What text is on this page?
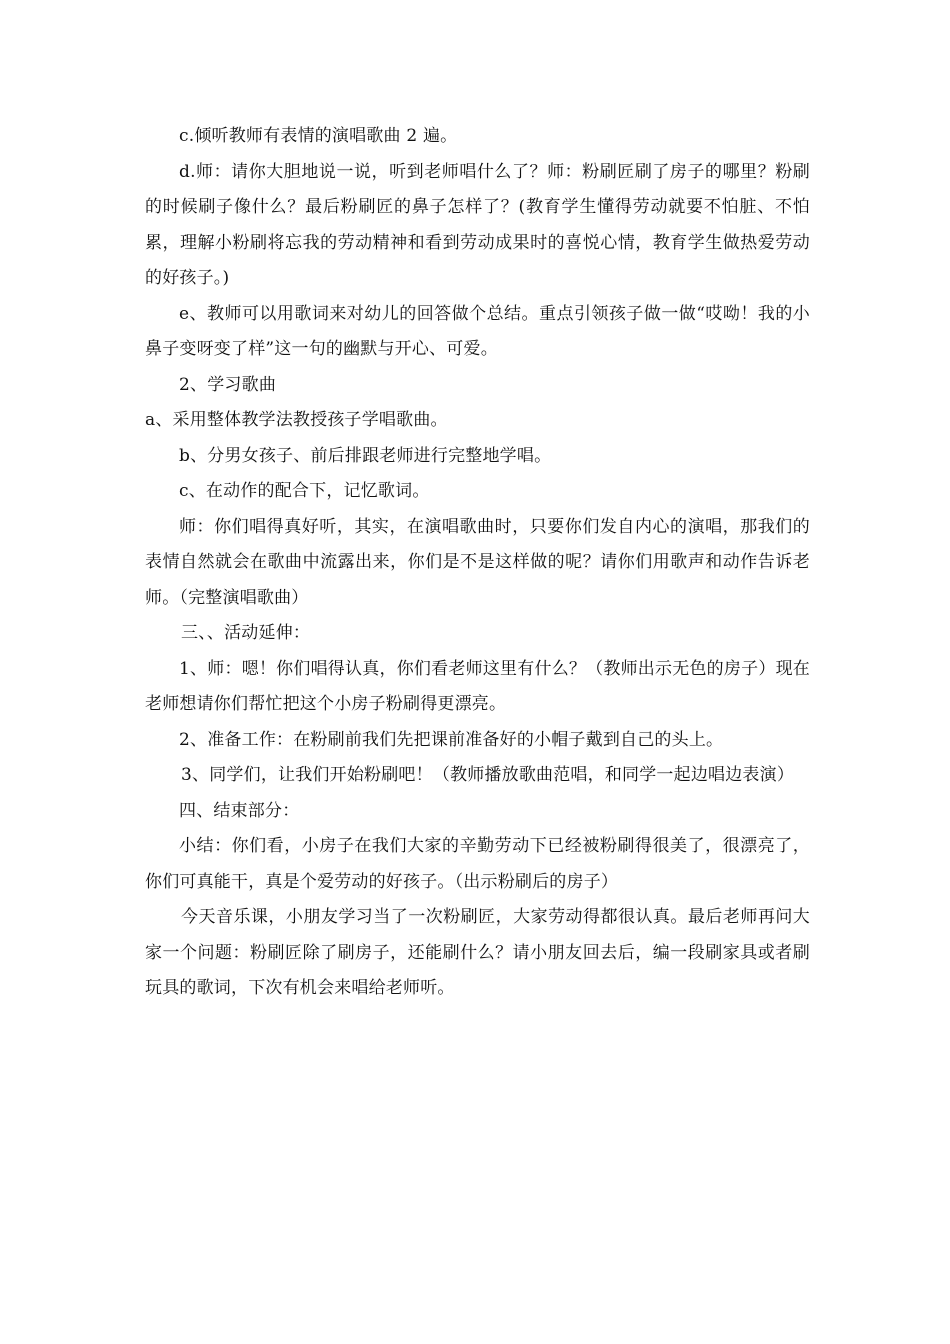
c.倾听教师有表情的演唱歌曲 2 遍。

d.师：请你大胆地说一说，听到老师唱什么了？师：粉刷匠刷了房子的哪里？粉刷的时候刷子像什么？最后粉刷匠的鼻子怎样了？(教育学生懂得劳动就要不怕脏、不怕累，理解小粉刷将忘我的劳动精神和看到劳动成果时的喜悦心情，教育学生做热爱劳动的好孩子。)

e、教师可以用歌词来对幼儿的回答做个总结。重点引领孩子做一做“哎呦！我的小鼻子变呀变了样”这一句的幽默与开心、可爱。

2、学习歌曲

a、采用整体教学法教授孩子学唱歌曲。

b、分男女孩子、前后排跟老师进行完整地学唱。

c、在动作的配合下，记忆歌词。

师：你们唱得真好听，其实，在演唱歌曲时，只要你们发自内心的演唱，那我们的表情自然就会在歌曲中流露出来，你们是不是这样做的呢？请你们用歌声和动作告诉老师。（完整演唱歌曲）

三、、活动延伸：

1、师：嗯！你们唱得认真，你们看老师这里有什么？（教师出示无色的房子）现在老师想请你们帮忙把这个小房子粉刷得更漂亮。

2、准备工作：在粉刷前我们先把课前准备好的小帽子戴到自己的头上。

3、同学们，让我们开始粉刷吧！（教师播放歌曲范唱，和同学一起边唱边表演）

四、结束部分：

小结：你们看，小房子在我们大家的辛勤劳动下已经被粉刷得很美了，很漂亮了，你们可真能干，真是个爱劳动的好孩子。（出示粉刷后的房子）

今天音乐课，小朋友学习当了一次粉刷匠，大家劳动得都很认真。最后老师再问大家一个问题：粉刷匠除了刷房子，还能刷什么？请小朋友回去后，编一段刷家具或者刷玩具的歌词，下次有机会来唱给老师听。
